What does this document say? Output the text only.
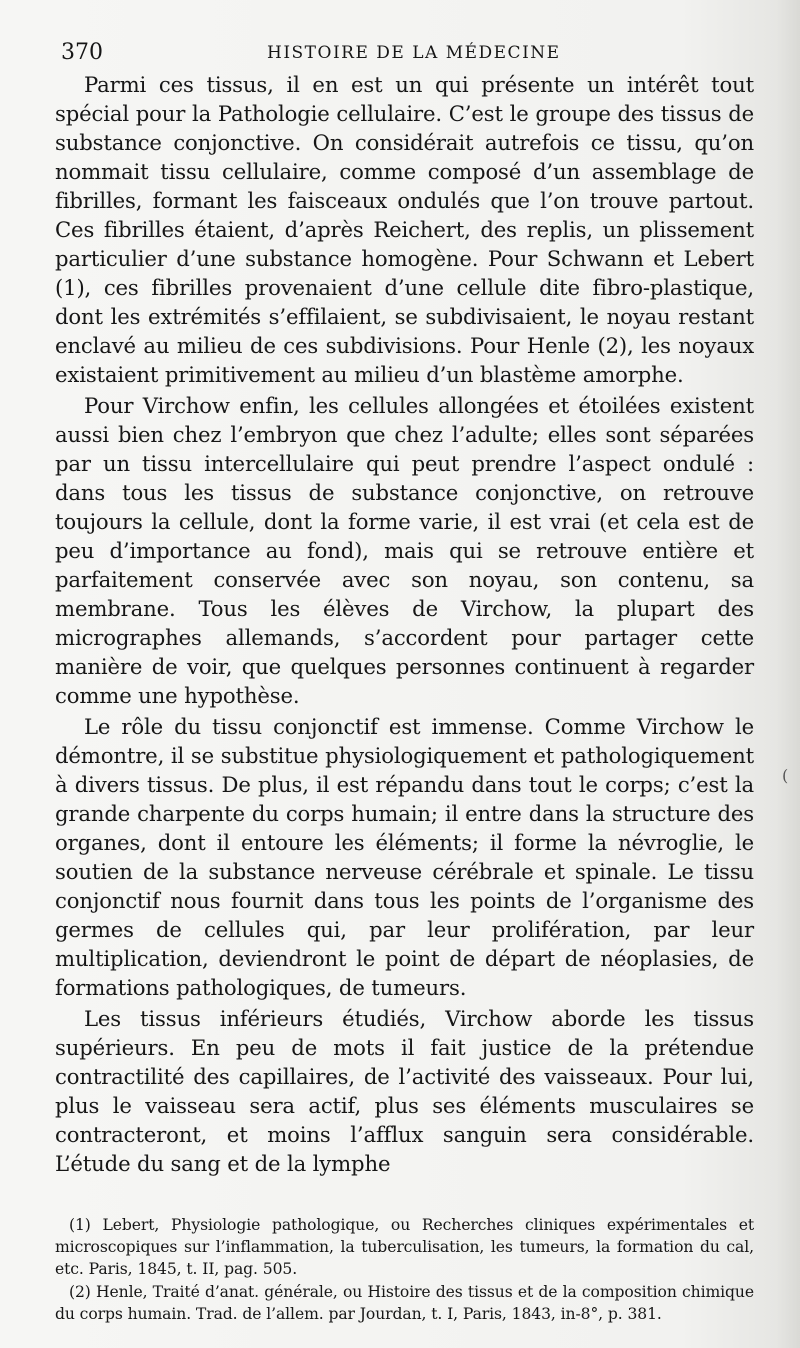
370	HISTOIRE DE LA MÉDECINE

Parmi ces tissus, il en est un qui présente un intérêt tout spécial pour la Pathologie cellulaire. C’est le groupe des tissus de substance conjonctive. On considérait autrefois ce tissu, qu’on nommait tissu cellulaire, comme composé d’un assemblage de fibrilles, formant les faisceaux ondulés que l’on trouve partout. Ces fibrilles étaient, d’après Reichert, des replis, un plissement particulier d’une substance homogène. Pour Schwann et Lebert (1), ces fibrilles provenaient d’une cellule dite fibro-plastique, dont les extrémités s’effilaient, se subdivisaient, le noyau restant enclavé au milieu de ces subdivisions. Pour Henle (2), les noyaux existaient primitivement au milieu d’un blastème amorphe.

Pour Virchow enfin, les cellules allongées et étoilées existent aussi bien chez l’embryon que chez l’adulte; elles sont séparées par un tissu intercellulaire qui peut prendre l’aspect ondulé : dans tous les tissus de substance conjonctive, on retrouve toujours la cellule, dont la forme varie, il est vrai (et cela est de peu d’importance au fond), mais qui se retrouve entière et parfaitement conservée avec son noyau, son contenu, sa membrane. Tous les élèves de Virchow, la plupart des micrographes allemands, s’accordent pour partager cette manière de voir, que quelques personnes continuent à regarder comme une hypothèse.

Le rôle du tissu conjonctif est immense. Comme Virchow le démontre, il se substitue physiologiquement et pathologiquement à divers tissus. De plus, il est répandu dans tout le corps; c’est la grande charpente du corps humain; il entre dans la structure des organes, dont il entoure les éléments; il forme la névroglie, le soutien de la substance nerveuse cérébrale et spinale. Le tissu conjonctif nous fournit dans tous les points de l’organisme des germes de cellules qui, par leur prolifération, par leur multiplication, deviendront le point de départ de néoplasies, de formations pathologiques, de tumeurs.

Les tissus inférieurs étudiés, Virchow aborde les tissus supérieurs. En peu de mots il fait justice de la prétendue contractilité des capillaires, de l’activité des vaisseaux. Pour lui, plus le vaisseau sera actif, plus ses éléments musculaires se contracteront, et moins l’afflux sanguin sera considérable. L’étude du sang et de la lymphe

(1) Lebert, Physiologie pathologique, ou Recherches cliniques expérimentales et microscopiques sur l’inflammation, la tuberculisation, les tumeurs, la formation du cal, etc. Paris, 1845, t. II, pag. 505.

(2) Henle, Traité d’anat. générale, ou Histoire des tissus et de la composition chimique du corps humain. Trad. de l’allem. par Jourdan, t. I, Paris, 1843, in-8°, p. 381.

(
